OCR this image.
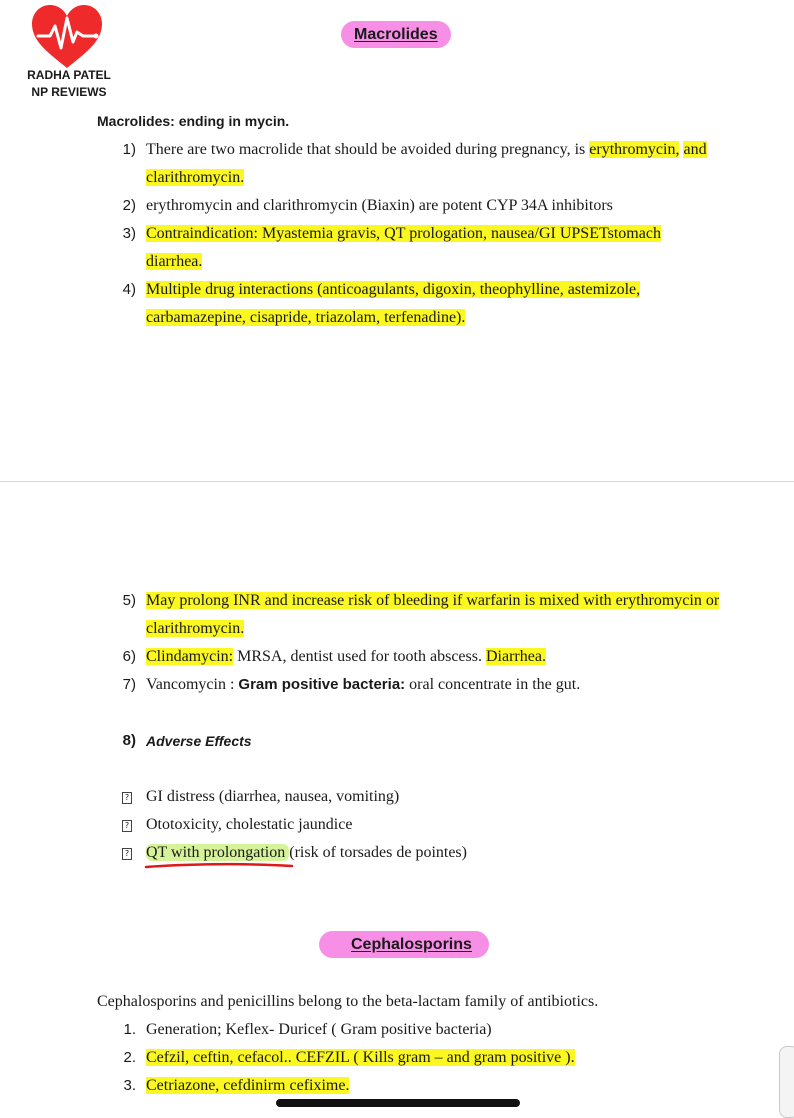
RADHA PATEL
NP REVIEWS
Macrolides
Macrolides: ending in mycin.
1) There are two macrolide that should be avoided during pregnancy, is erythromycin, and
clarithromycin.
2) erythromycin and clarithromycin (Biaxin) are potent CYP 34A inhibitors
3) Contraindication: Myastemia gravis, QT prologation, nausea/GI UPSETstomach
diarrhea.
4) Multiple drug interactions (anticoagulants, digoxin, theophylline, astemizole,
carbamazepine, cisapride, triazolam, terfenadine).
5) May prolong INR and increase risk of bleeding if warfarin is mixed with erythromycin or
clarithromycin.
6) Clindamycin: MRSA, dentist used for tooth abscess. Diarrhea.
7) Vancomycin : Gram positive bacteria: oral concentrate in the gut.
8) Adverse Effects
? GI distress (diarrhea, nausea, vomiting)
? Ototoxicity, cholestatic jaundice
? QT with prolongation (risk of torsades de pointes)
Cephalosporins
Cephalosporins and penicillins belong to the beta-lactam family of antibiotics.
1. Generation; Keflex- Duricef ( Gram positive bacteria)
2. Cefzil, ceftin, cefacol.. CEFZIL ( Kills gram – and gram positive ).
3. Cetriazone, cefdinirm cefixime.
